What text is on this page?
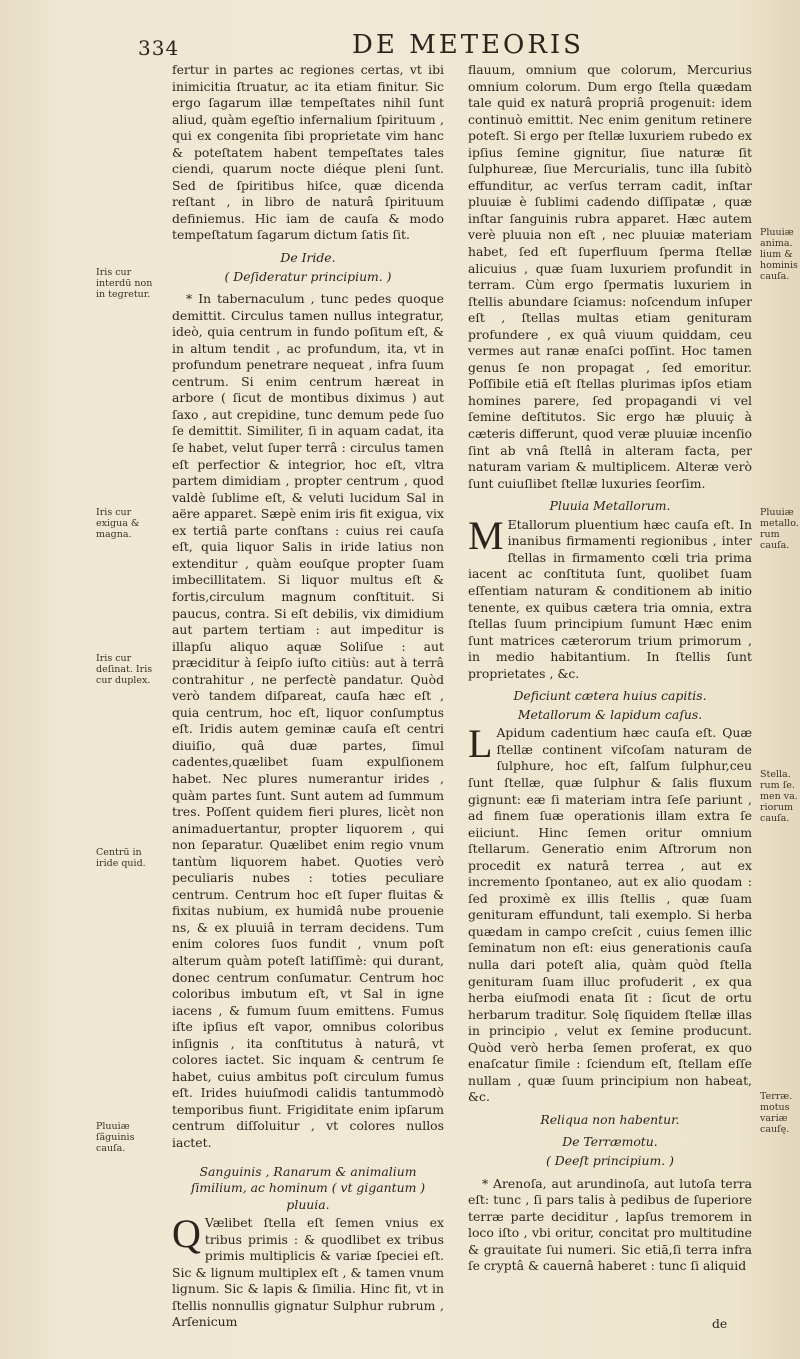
334	DE METEORIS

fertur in partes ac regiones certas, vt ibi inimicitia ſtruatur, ac ita etiam finitur. Sic ergo ſagarum illæ tempeſtates nihil ſunt aliud, quàm egeſtio infernalium ſpirituum , qui ex congenita ſibi proprietate vim hanc & poteſtatem habent tempeſtates tales ciendi, quarum nocte diéque pleni ſunt. Sed de ſpiritibus hiſce, quæ dicenda reſtant , in libro de naturâ ſpirituum definiemus. Hic iam de cauſa & modo tempeſtatum ſagarum dictum ſatis ſit.

De Iride.
( Deſideratur principium. )

* In tabernaculum , tunc pedes quoque demittit. Circulus tamen nullus integratur, ideò, quia centrum in fundo poſitum eſt, & in altum tendit , ac profundum, ita, vt in profundum penetrare nequeat , infra ſuum centrum. Si enim centrum hæreat in arbore ( ſicut de montibus diximus ) aut ſaxo , aut crepidine, tunc demum pede ſuo ſe demittit. Similiter, ſi in aquam cadat, ita ſe habet, velut ſuper terrâ : circulus tamen eſt perfectior & integrior, hoc eſt, vltra partem dimidiam , propter centrum , quod valdè ſublime eſt, & veluti lucidum Sal in aëre apparet. Sæpè enim iris fit exigua, vix ex tertiâ parte conſtans : cuius rei cauſa eſt, quia liquor Salis in iride latius non extenditur , quàm eouſque propter ſuam imbecillitatem. Si liquor multus eſt & fortis,circulum magnum conſtituit. Si paucus, contra. Si eſt debilis, vix dimidium aut partem tertiam : aut impeditur is illapſu aliquo aquæ Soliſue : aut præciditur à ſeipſo iuſto citiùs: aut à terrâ contrahitur , ne perfectè pandatur. Quòd verò tandem diſpareat, cauſa hæc eſt , quia centrum, hoc eſt, liquor conſumptus eſt. Iridis autem geminæ cauſa eſt centri diuiſio, quâ duæ partes, ſimul cadentes,quælibet ſuam expulſionem habet. Nec plures numerantur irides , quàm partes ſunt. Sunt autem ad ſummum tres. Poſſent quidem fieri plures, licèt non animaduertantur, propter liquorem , qui non ſeparatur. Quælibet enim regio vnum tantùm liquorem habet. Quoties verò peculiaris nubes : toties peculiare centrum. Centrum hoc eſt ſuper fluitas & fixitas nubium, ex humidâ nube prouenie ns, & ex pluuiâ in terram decidens. Tum enim colores ſuos fundit , vnum poſt alterum quàm poteſt latiſſimè: qui durant, donec centrum conſumatur. Centrum hoc coloribus imbutum eſt, vt Sal in igne iacens , & fumum ſuum emittens. Fumus iſte ipſius eſt vapor, omnibus coloribus inſignis , ita conſtitutus à naturâ, vt colores iactet. Sic inquam & centrum ſe habet, cuius ambitus poſt circulum fumus eſt. Irides huiuſmodi calidis tantummodò temporibus fiunt. Frigiditate enim ipſarum centrum diſſoluitur , vt colores nullos iactet.

Sanguinis , Ranarum & animalium ſimilium, ac hominum ( vt gigantum ) pluuia.

Q Vælibet ſtella eſt ſemen vnius ex tribus primis : & quodlibet ex tribus primis multiplicis & variæ ſpeciei eſt. Sic & lignum multiplex eſt , & tamen vnum lignum. Sic & lapis & ſimilia. Hinc fit, vt in ſtellis nonnullis gignatur Sulphur rubrum , Arſenicum

flauum, omnium que colorum, Mercurius omnium colorum. Dum ergo ſtella quædam tale quid ex naturâ propriâ progenuit: idem continuò emittit. Nec enim genitum retinere poteſt. Si ergo per ſtellæ luxuriem rubedo ex ipſius ſemine gignitur, ſiue naturæ ſit ſulphureæ, ſiue Mercurialis, tunc illa ſubitò effunditur, ac verſus terram cadit, inſtar pluuiæ è ſublimi cadendo diſſipatæ , quæ inſtar ſanguinis rubra apparet. Hæc autem verè pluuia non eſt , nec pluuiæ materiam habet, ſed eſt ſuperfluum ſperma ſtellæ alicuius , quæ ſuam luxuriem profundit in terram. Cùm ergo ſpermatis luxuriem in ſtellis abundare ſciamus: noſcendum inſuper eſt , ſtellas multas etiam genituram profundere , ex quâ viuum quiddam, ceu vermes aut ranæ enaſci poſſint. Hoc tamen genus ſe non propagat , ſed emoritur. Poſſibile etiā eſt ſtellas plurimas ipſos etiam homines parere, ſed propagandi vi vel ſemine deſtitutos. Sic ergo hæ pluuiç à cæteris differunt, quod veræ pluuiæ incenſio ſint ab vnâ ſtellâ in alteram facta, per naturam variam & multiplicem. Alteræ verò ſunt cuiuſlibet ſtellæ luxuries ſeorſim.

Pluuia Metallorum.

M Etallorum pluentium hæc cauſa eſt. In inanibus firmamenti regionibus , inter ſtellas in firmamento cœli tria prima iacent ac conſtituta ſunt, quolibet ſuam eſſentiam naturam & conditionem ab initio tenente, ex quibus cætera tria omnia, extra ſtellas ſuum principium ſumunt Hæc enim ſunt matrices cæterorum trium primorum , in medio habitantium. In ſtellis ſunt proprietates , &c.

Deficiunt cætera huius capitis.
Metallorum & lapidum caſus.

L Apidum cadentium hæc cauſa eſt. Quæ ſtellæ continent viſcoſam naturam de ſulphure, hoc eſt, ſalſum ſulphur,ceu ſunt ſtellæ, quæ ſulphur & ſalis fluxum gignunt: eæ ſi materiam intra ſeſe pariunt , ad finem ſuæ operationis illam extra ſe eiiciunt. Hinc ſemen oritur omnium ſtellarum. Generatio enim Aſtrorum non procedit ex naturâ terrea , aut ex incremento ſpontaneo, aut ex alio quodam : ſed proximè ex illis ſtellis , quæ ſuam genituram effundunt, tali exemplo. Si herba quædam in campo creſcit , cuius ſemen illic ſeminatum non eſt: eius generationis cauſa nulla dari poteſt alia, quàm quòd ſtella genituram ſuam illuc profuderit , ex qua herba eiuſmodi enata ſit : ſicut de ortu herbarum traditur. Solę ſiquidem ſtellæ illas in principio , velut ex ſemine producunt. Quòd verò herba ſemen proferat, ex quo enaſcatur ſimile : ſciendum eſt, ſtellam eſſe nullam , quæ ſuum principium non habeat, &c.

Reliqua non habentur.
De Terræmotu.
( Deeſt principium. )

* Arenoſa, aut arundinoſa, aut lutoſa terra eſt: tunc , ſi pars talis à pedibus de ſuperiore terræ parte deciditur , lapſus tremorem in loco iſto , vbi oritur, concitat pro multitudine & grauitate ſui numeri. Sic etiā,ſi terra infra ſe cryptâ & cauernâ haberet : tunc ſi aliquid

de
Iris cur interdū non in tegretur.
Iris cur exigua & magna.
Iris cur deſinat. Iris cur duplex.
Centrū in iride quid.
Pluuiæ ſãguinis cauſa.
Pluuiæ anima. lium & hominis cauſa.
Pluuiæ metallo. rum cauſa.
Stella. rum ſe. men va. riorum cauſa.
Terræ. motus variæ cauſę.
